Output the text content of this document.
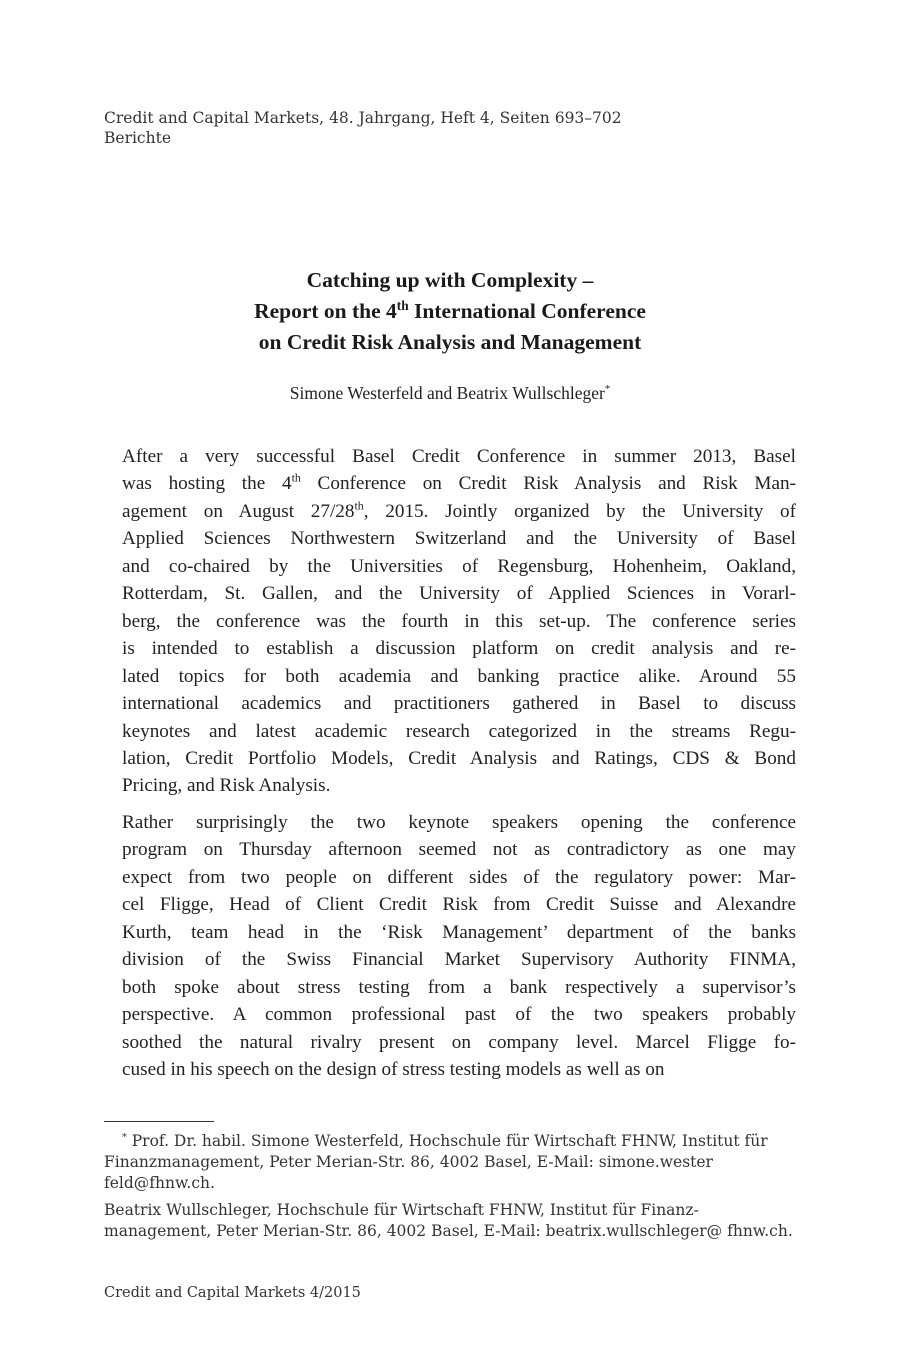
Credit and Capital Markets, 48. Jahrgang, Heft 4, Seiten 693–702
Berichte
Catching up with Complexity –
Report on the 4th International Conference
on Credit Risk Analysis and Management
Simone Westerfeld and Beatrix Wullschleger*

After a very successful Basel Credit Conference in summer 2013, Basel
was hosting the 4th Conference on Credit Risk Analysis and Risk Man-
agement on August 27/28th, 2015. Jointly organized by the University of
Applied Sciences Northwestern Switzerland and the University of Basel
and co-chaired by the Universities of Regensburg, Hohenheim, Oakland,
Rotterdam, St. Gallen, and the University of Applied Sciences in Vorarl-
berg, the conference was the fourth in this set-up. The conference series
is intended to establish a discussion platform on credit analysis and re-
lated topics for both academia and banking practice alike. Around 55
international academics and practitioners gathered in Basel to discuss
keynotes and latest academic research categorized in the streams Regu-
lation, Credit Portfolio Models, Credit Analysis and Ratings, CDS & Bond
Pricing, and Risk Analysis.

Rather surprisingly the two keynote speakers opening the conference
program on Thursday afternoon seemed not as contradictory as one may
expect from two people on different sides of the regulatory power: Mar-
cel Fligge, Head of Client Credit Risk from Credit Suisse and Alexandre
Kurth, team head in the ‘Risk Management’ department of the banks
division of the Swiss Financial Market Supervisory Authority FINMA,
both spoke about stress testing from a bank respectively a supervisor’s
perspective. A common professional past of the two speakers probably
soothed the natural rivalry present on company level. Marcel Fligge fo-
cused in his speech on the design of stress testing models as well as on

* Prof. Dr. habil. Simone Westerfeld, Hochschule für Wirtschaft FHNW, Institut für Finanzmanagement, Peter Merian-Str. 86, 4002 Basel, E-Mail: simone.wester feld@fhnw.ch.

Beatrix Wullschleger, Hochschule für Wirtschaft FHNW, Institut für Finanzmanagement, Peter Merian-Str. 86, 4002 Basel, E-Mail: beatrix.wullschleger@ fhnw.ch.

Credit and Capital Markets 4/2015
